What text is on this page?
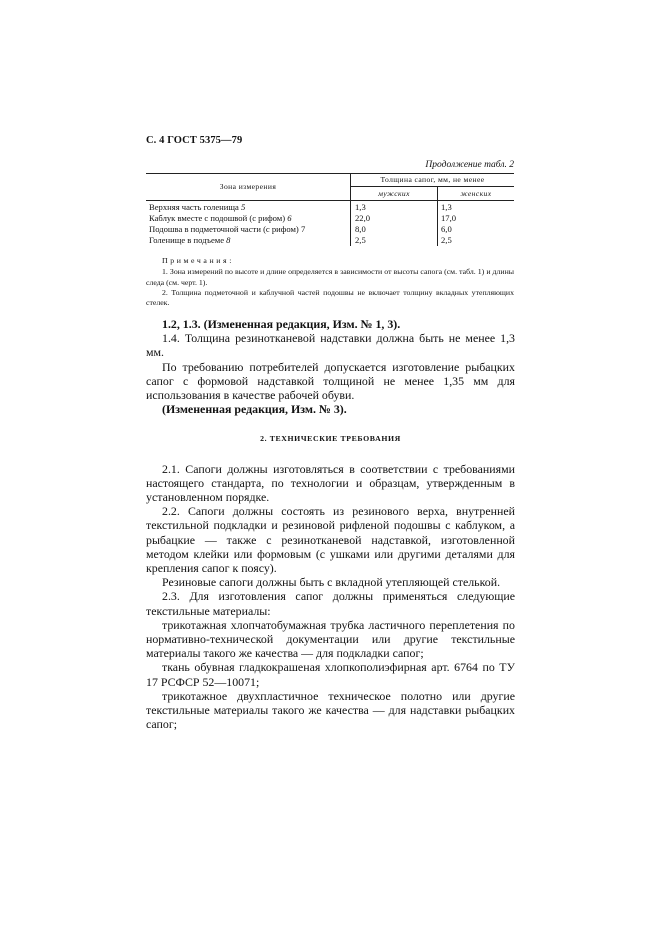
С. 4 ГОСТ 5375—79
Продолжение табл. 2
Зона измерения
Толщина сапог, мм, не менее
мужских	женских
Верхняя часть голенища 5	1,3	1,3
Каблук вместе с подошвой (с рифом) 6	22,0	17,0
Подошва в подметочной части (с рифом) 7	8,0	6,0
Голенище в подъеме 8	2,5	2,5
Примечания:

1. Зона измерений по высоте и длине определяется в зависимости от высоты сапога (см. табл. 1) и длины следа (см. черт. 1).

2. Толщина подметочной и каблучной частей подошвы не включает толщину вкладных утепляющих стелек.

1.2, 1.3. (Измененная редакция, Изм. № 1, 3).

1.4. Толщина резинотканевой надставки должна быть не менее 1,3 мм.

По требованию потребителей допускается изготовление рыбацких сапог с формовой надставкой толщиной не менее 1,35 мм для использования в качестве рабочей обуви.

(Измененная редакция, Изм. № 3).

2. ТЕХНИЧЕСКИЕ ТРЕБОВАНИЯ

2.1. Сапоги должны изготовляться в соответствии с требованиями настоящего стандарта, по технологии и образцам, утвержденным в установленном порядке.

2.2. Сапоги должны состоять из резинового верха, внутренней текстильной подкладки и резиновой рифленой подошвы с каблуком, а рыбацкие — также с резинотканевой надставкой, изготовленной методом клейки или формовым (с ушками или другими деталями для крепления сапог к поясу).

Резиновые сапоги должны быть с вкладной утепляющей стелькой.

2.3. Для изготовления сапог должны применяться следующие текстильные материалы:

трикотажная хлопчатобумажная трубка ластичного переплетения по нормативно-технической документации или другие текстильные материалы такого же качества — для подкладки сапог;

ткань обувная гладкокрашеная хлопкополиэфирная арт. 6764 по ТУ 17 РСФСР 52—10071;

трикотажное двухпластичное техническое полотно или другие текстильные материалы такого же качества — для надставки рыбацких сапог;
